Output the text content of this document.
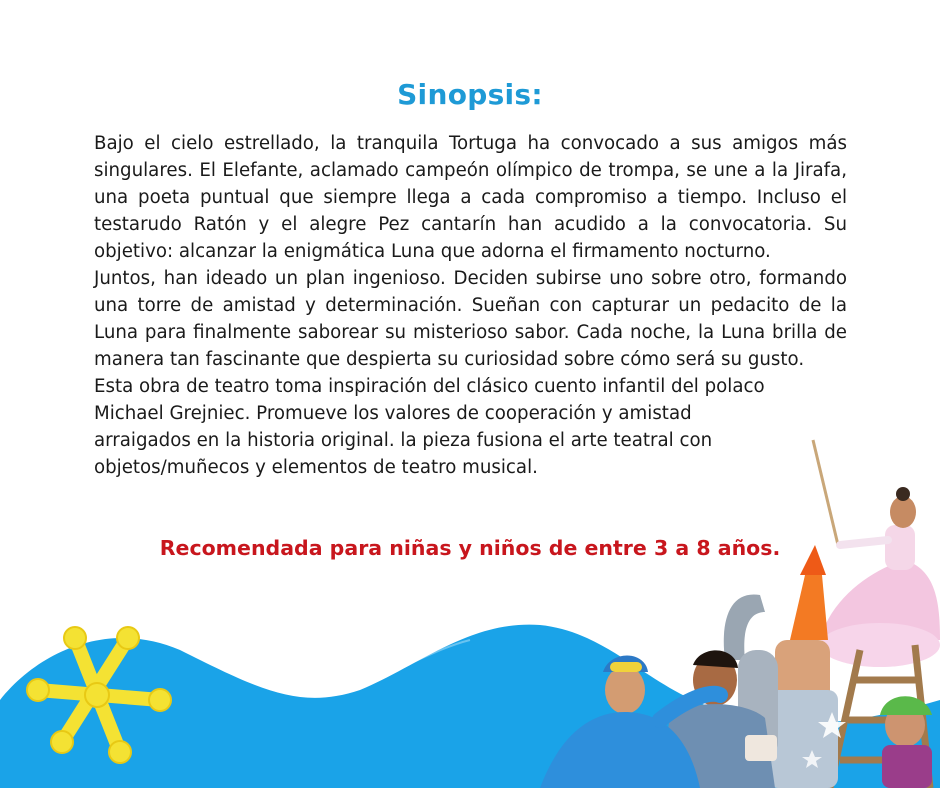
Sinopsis:

Bajo el cielo estrellado, la tranquila Tortuga ha convocado a sus amigos más singulares. El Elefante, aclamado campeón olímpico de trompa, se une a la Jirafa, una poeta puntual que siempre llega a cada compromiso a tiempo. Incluso el testarudo Ratón y el alegre Pez cantarín han acudido a la convocatoria. Su objetivo: alcanzar la enigmática Luna que adorna el firmamento nocturno.

Juntos, han ideado un plan ingenioso. Deciden subirse uno sobre otro, formando una torre de amistad y determinación. Sueñan con capturar un pedacito de la Luna para finalmente saborear su misterioso sabor. Cada noche, la Luna brilla de manera tan fascinante que despierta su curiosidad sobre cómo será su gusto.

Esta obra de teatro toma inspiración del clásico cuento infantil del polaco Michael Grejniec. Promueve los valores de cooperación y amistad arraigados en la historia original. la pieza fusiona el arte teatral con objetos/muñecos y elementos de teatro musical.

Recomendada para niñas y niños de entre 3 a 8 años.
